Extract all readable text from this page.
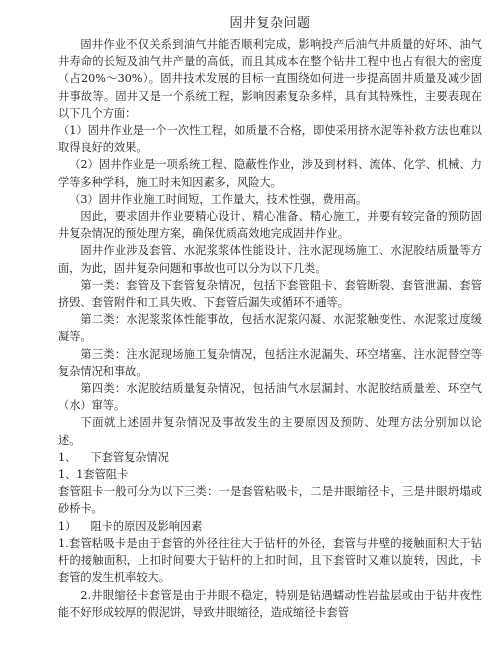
固井复杂问题

固井作业不仅关系到油气井能否顺利完成，影响投产后油气井质量的好坏、油气井寿命的长短及油气井产量的高低，而且其成本在整个钻井工程中也占有很大的密度（占20%～30%）。固井技术发展的目标一直围绕如何进一步提高固井质量及减少固井事故等。固井又是一个系统工程，影响因素复杂多样，具有其特殊性，主要表现在以下几个方面：

（1）固井作业是一个一次性工程，如质量不合格，即使采用挤水泥等补救方法也难以取得良好的效果。

（2）固井作业是一项系统工程、隐蔽性作业，涉及到材料、流体、化学、机械、力学等多种学科，施工时未知因素多，风险大。

（3）固井作业施工时间短，工作量大，技术性强，费用高。

因此，要求固井作业要精心设计、精心准备、精心施工，并要有较完备的预防固井复杂情况的预处理方案，确保优质高效地完成固井作业。

固井作业涉及套管、水泥浆浆体性能设计、注水泥现场施工、水泥胶结质量等方面，为此，固井复杂问题和事故也可以分为以下几类。

第一类：套管及下套管复杂情况，包括下套管阻卡、套管断裂、套管泄漏、套管挤毁、套管附件和工具失败、下套管后漏失或循环不通等。

第二类：水泥浆浆体性能事故，包括水泥浆闪凝、水泥浆触变性、水泥浆过度缓凝等。

第三类：注水泥现场施工复杂情况，包括注水泥漏失、环空堵塞、注水泥替空等复杂情况和事故。

第四类：水泥胶结质量复杂情况，包括油气水层漏封、水泥胶结质量差、环空气（水）窜等。

下面就上述固井复杂情况及事故发生的主要原因及预防、处理方法分别加以论述。

1、    下套管复杂情况

1、1套管阻卡

套管阻卡一般可分为以下三类：一是套管粘吸卡，二是井眼缩径卡，三是井眼坍塌或砂桥卡。

1）    阻卡的原因及影响因素

1.套管粘吸卡是由于套管的外径往往大于钻杆的外径，套管与井壁的接触面积大于钻杆的接触面积，上扣时间要大于钻杆的上扣时间，且下套管时又难以旋转，因此，卡套管的发生机率较大。

2.井眼缩径卡套管是由于井眼不稳定，特别是钻遇蠕动性岩盐层或由于钻井夜性能不好形成较厚的假泥饼，导致井眼缩径，造成缩径卡套管
